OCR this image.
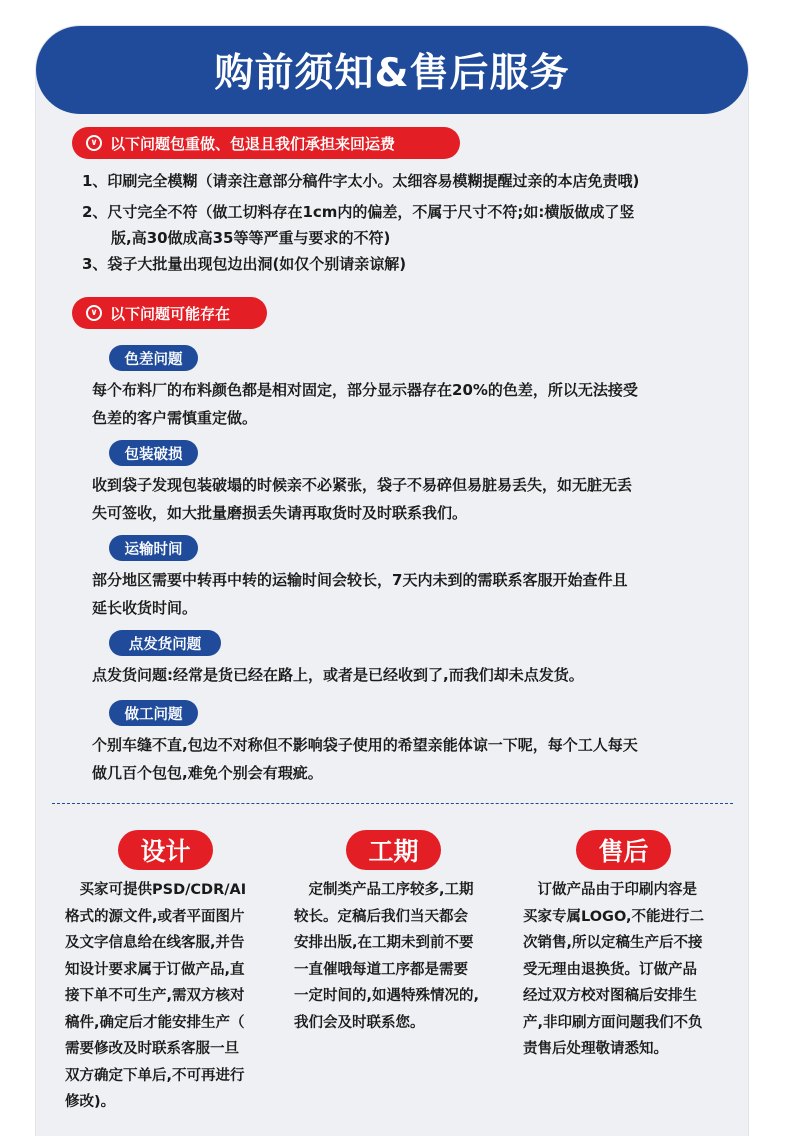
购前须知&售后服务
∨ 以下问题包重做、包退且我们承担来回运费
1、印刷完全模糊（请亲注意部分稿件字太小。太细容易模糊提醒过亲的本店免责哦)
2、尺寸完全不符（做工切料存在1cm内的偏差，不属于尺寸不符;如:横版做成了竖
版,高30做成高35等等严重与要求的不符)
3、袋子大批量出现包边出洞(如仅个别请亲谅解)
∨ 以下问题可能存在
色差问题
每个布料厂的布料颜色都是相对固定，部分显示器存在20%的色差，所以无法接受
色差的客户需慎重定做。
包装破损
收到袋子发现包装破塌的时候亲不必紧张，袋子不易碎但易脏易丢失，如无脏无丢
失可签收，如大批量磨损丢失请再取货时及时联系我们。
运输时间
部分地区需要中转再中转的运输时间会较长，7天内未到的需联系客服开始查件且
延长收货时间。
点发货问题
点发货问题:经常是货已经在路上，或者是已经收到了,而我们却未点发货。
做工问题
个别车缝不直,包边不对称但不影响袋子使用的希望亲能体谅一下呢，每个工人每天
做几百个包包,难免个别会有瑕疵。
设计	工期	售后
　买家可提供PSD/CDR/AI
格式的源文件,或者平面图片
及文字信息给在线客服,并告
知设计要求属于订做产品,直
接下单不可生产,需双方核对
稿件,确定后才能安排生产（
需要修改及时联系客服一旦
双方确定下单后,不可再进行
修改)。
　定制类产品工序较多,工期
较长。定稿后我们当天都会
安排出版,在工期未到前不要
一直催哦每道工序都是需要
一定时间的,如遇特殊情况的,
我们会及时联系您。
　订做产品由于印刷内容是
买家专属LOGO,不能进行二
次销售,所以定稿生产后不接
受无理由退换货。订做产品
经过双方校对图稿后安排生
产,非印刷方面问题我们不负
责售后处理敬请悉知。
